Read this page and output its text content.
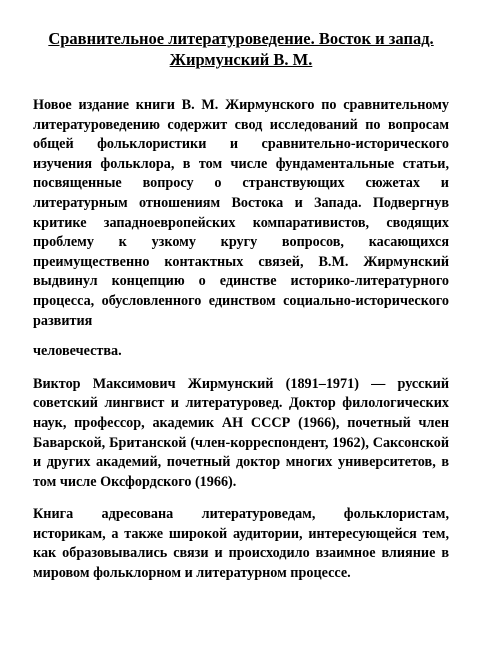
Сравнительное литературоведение. Восток и запад.
Жирмунский В. М.

Новое издание книги В. М. Жирмунского по сравнительному литературоведению содержит свод исследований по вопросам общей фольклористики и сравнительно-исторического изучения фольклора, в том числе фундаментальные статьи, посвященные вопросу о странствующих сюжетах и литературным отношениям Востока и Запада. Подвергнув критике западноевропейских компаративистов, сводящих проблему к узкому кругу вопросов, касающихся преимущественно контактных связей, В.М. Жирмунский выдвинул концепцию о единстве историко-литературного процесса, обусловленного единством социально-исторического развития

человечества.

Виктор Максимович Жирмунский (1891–1971) — русский советский лингвист и литературовед. Доктор филологических наук, профессор, академик АН СССР (1966), почетный член Баварской, Британской (член-корреспондент, 1962), Саксонской и других академий, почетный доктор многих университетов, в том числе Оксфордского (1966).

Книга адресована литературоведам, фольклористам, историкам, а также широкой аудитории, интересующейся тем, как образовывались связи и происходило взаимное влияние в мировом фольклорном и литературном процессе.
